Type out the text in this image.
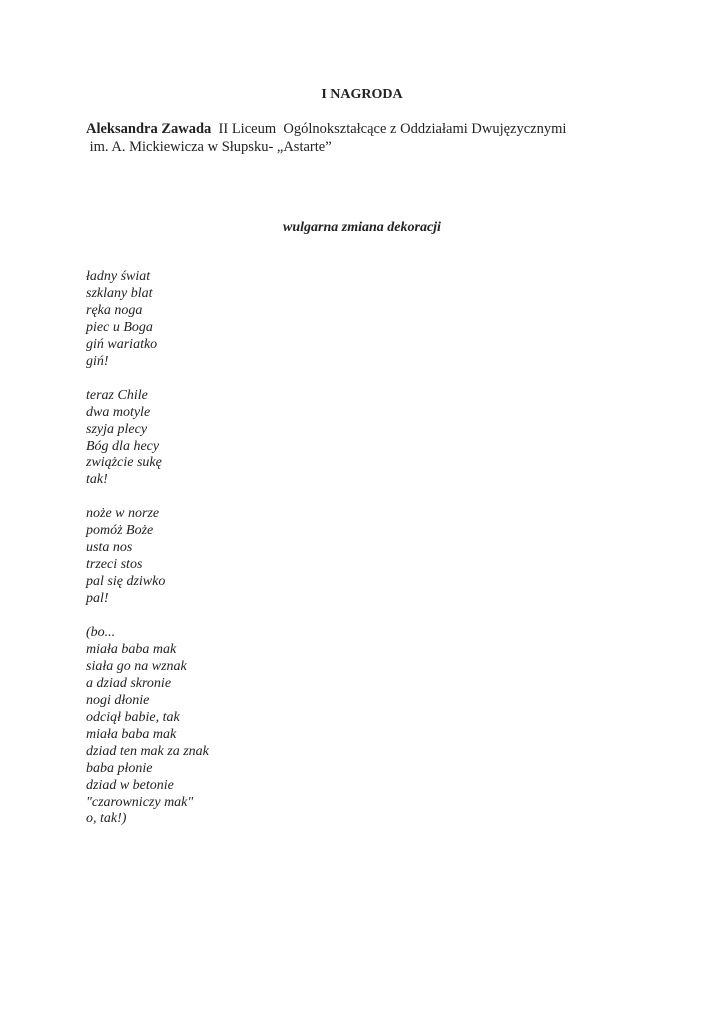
I NAGRODA
Aleksandra Zawada II Liceum  Ogólnokształcące z Oddziałami Dwujęzycznymi
im. A. Mickiewicza w Słupsku- „Astarte”
wulgarna zmiana dekoracji
ładny świat
szklany blat
ręka noga
piec u Boga
giń wariatko
giń!
teraz Chile
dwa motyle
szyja plecy
Bóg dla hecy
zwiążcie sukę
tak!
noże w norze
pomóż Boże
usta nos
trzeci stos
pal się dziwko
pal!
(bo...
miała baba mak
siała go na wznak
a dziad skronie
nogi dłonie
odciął babie, tak
miała baba mak
dziad ten mak za znak
baba płonie
dziad w betonie
"czarowniczy mak"
o, tak!)
